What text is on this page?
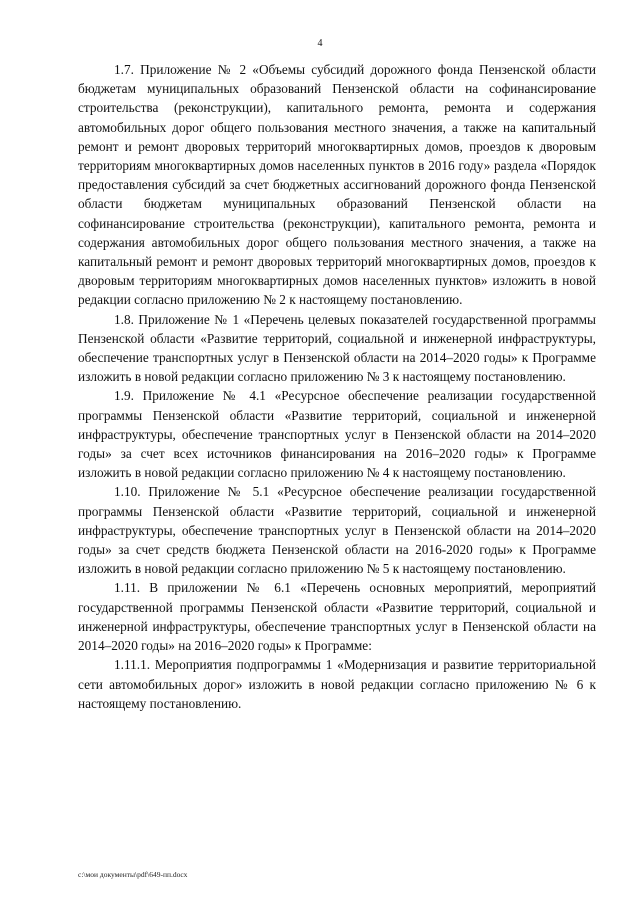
4

1.7. Приложение № 2 «Объемы субсидий дорожного фонда Пензенской области бюджетам муниципальных образований Пензенской области на софинансирование строительства (реконструкции), капитального ремонта, ремонта и содержания автомобильных дорог общего пользования местного значения, а также на капитальный ремонт и ремонт дворовых территорий многоквартирных домов, проездов к дворовым территориям многоквартирных домов населенных пунктов в 2016 году» раздела «Порядок предоставления субсидий за счет бюджетных ассигнований дорожного фонда Пензенской области бюджетам муниципальных образований Пензенской области на софинансирование строительства (реконструкции), капитального ремонта, ремонта и содержания автомобильных дорог общего пользования местного значения, а также на капитальный ремонт и ремонт дворовых территорий многоквартирных домов, проездов к дворовым территориям многоквартирных домов населенных пунктов» изложить в новой редакции согласно приложению № 2 к настоящему постановлению.

1.8. Приложение № 1 «Перечень целевых показателей государственной программы Пензенской области «Развитие территорий, социальной и инженерной инфраструктуры, обеспечение транспортных услуг в Пензенской области на 2014–2020 годы» к Программе изложить в новой редакции согласно приложению № 3 к настоящему постановлению.

1.9. Приложение № 4.1 «Ресурсное обеспечение реализации государственной программы Пензенской области «Развитие территорий, социальной и инженерной инфраструктуры, обеспечение транспортных услуг в Пензенской области на 2014–2020 годы» за счет всех источников финансирования на 2016–2020 годы» к Программе изложить в новой редакции согласно приложению № 4 к настоящему постановлению.

1.10. Приложение № 5.1 «Ресурсное обеспечение реализации государственной программы Пензенской области «Развитие территорий, социальной и инженерной инфраструктуры, обеспечение транспортных услуг в Пензенской области на 2014–2020 годы» за счет средств бюджета Пензенской области на 2016-2020 годы» к Программе изложить в новой редакции согласно приложению № 5 к настоящему постановлению.

1.11. В приложении № 6.1 «Перечень основных мероприятий, мероприятий государственной программы Пензенской области «Развитие территорий, социальной и инженерной инфраструктуры, обеспечение транспортных услуг в Пензенской области на 2014–2020 годы» на 2016–2020 годы» к Программе:

1.11.1. Мероприятия подпрограммы 1 «Модернизация и развитие территориальной сети автомобильных дорог» изложить в новой редакции согласно приложению № 6 к настоящему постановлению.

c:\мои документы\pdf\649-пп.docx
